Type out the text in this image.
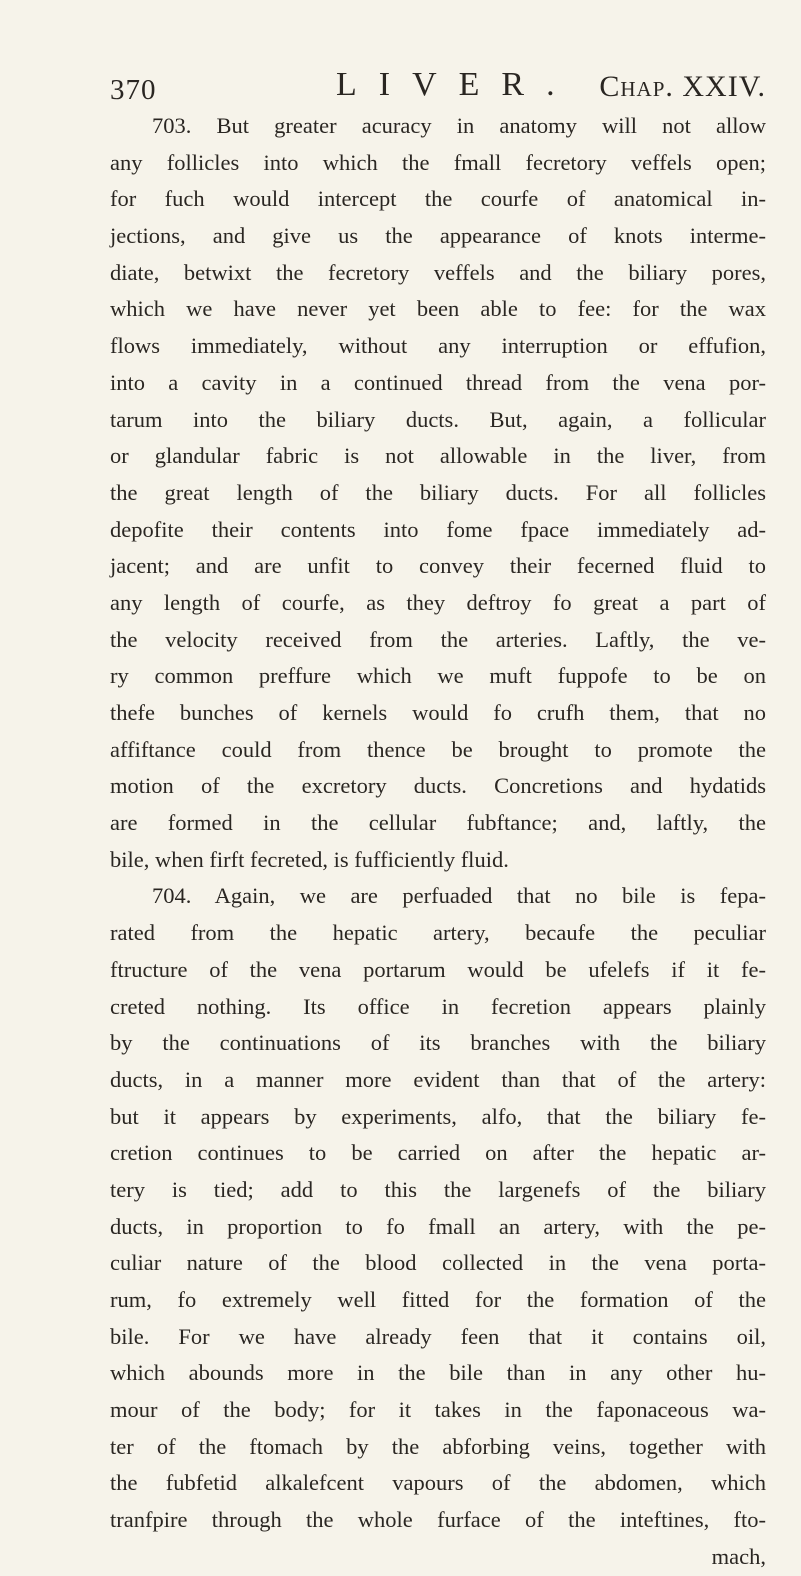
370	LIVER. Chap. XXIV.
703. But greater acuracy in anatomy will not allow
any follicles into which the fmall fecretory veffels open;
for fuch would intercept the courfe of anatomical in-
jections, and give us the appearance of knots interme-
diate, betwixt the fecretory veffels and the biliary pores,
which we have never yet been able to fee: for the wax
flows immediately, without any interruption or effufion,
into a cavity in a continued thread from the vena por-
tarum into the biliary ducts. But, again, a follicular
or glandular fabric is not allowable in the liver, from
the great length of the biliary ducts. For all follicles
depofite their contents into fome fpace immediately ad-
jacent; and are unfit to convey their fecerned fluid to
any length of courfe, as they deftroy fo great a part of
the velocity received from the arteries. Laftly, the ve-
ry common preffure which we muft fuppofe to be on
thefe bunches of kernels would fo crufh them, that no
affiftance could from thence be brought to promote the
motion of the excretory ducts. Concretions and hydatids
are formed in the cellular fubftance; and, laftly, the
bile, when firft fecreted, is fufficiently fluid.
704. Again, we are perfuaded that no bile is fepa-
rated from the hepatic artery, becaufe the peculiar
ftructure of the vena portarum would be ufelefs if it fe-
creted nothing. Its office in fecretion appears plainly
by the continuations of its branches with the biliary
ducts, in a manner more evident than that of the artery:
but it appears by experiments, alfo, that the biliary fe-
cretion continues to be carried on after the hepatic ar-
tery is tied; add to this the largenefs of the biliary
ducts, in proportion to fo fmall an artery, with the pe-
culiar nature of the blood collected in the vena porta-
rum, fo extremely well fitted for the formation of the
bile. For we have already feen that it contains oil,
which abounds more in the bile than in any other hu-
mour of the body; for it takes in the faponaceous wa-
ter of the ftomach by the abforbing veins, together with
the fubfetid alkalefcent vapours of the abdomen, which
tranfpire through the whole furface of the inteftines, fto-
mach,
